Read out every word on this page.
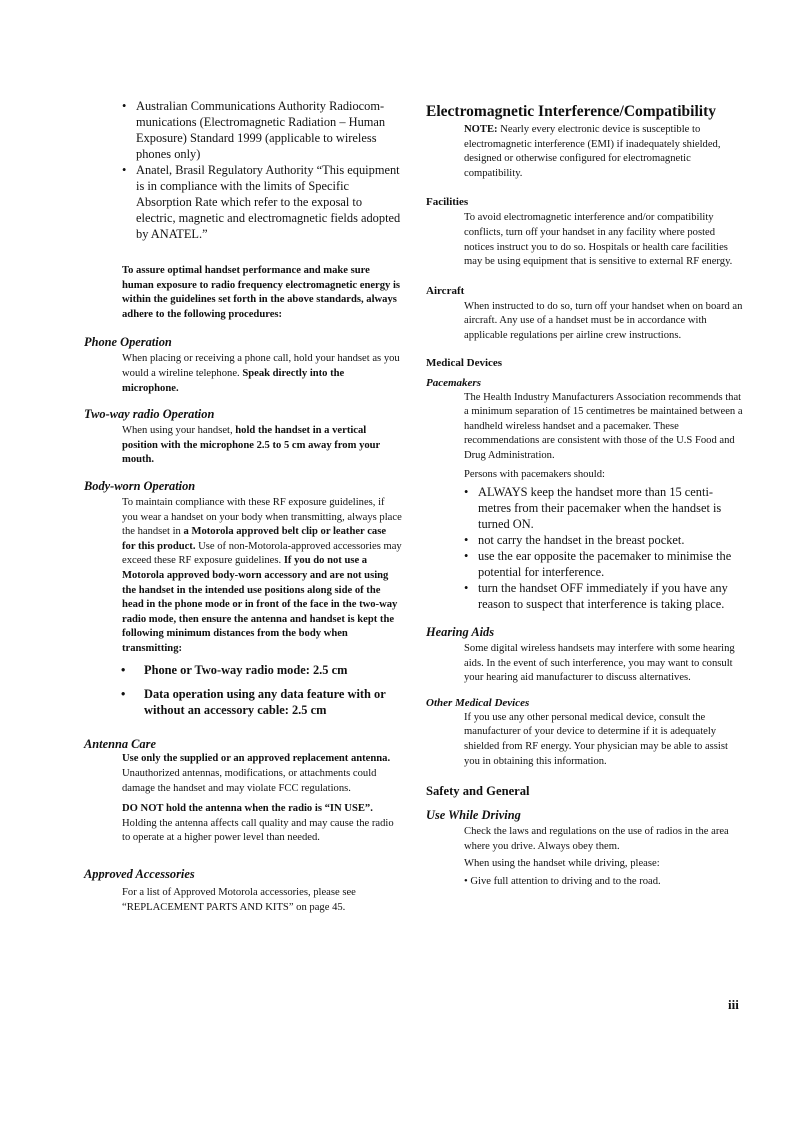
• Australian Communications Authority Radiocom-munications (Electromagnetic Radiation – Human Exposure) Standard 1999 (applicable to wireless phones only)
• Anatel, Brasil Regulatory Authority “This equipment is in compliance with the limits of Specific Absorption Rate which refer to the exposal to electric, magnetic and electromagnetic fields adopted by ANATEL.”

To assure optimal handset performance and make sure human exposure to radio frequency electromagnetic energy is within the guidelines set forth in the above standards, always adhere to the following procedures:

Phone Operation

When placing or receiving a phone call, hold your handset as you would a wireline telephone. Speak directly into the microphone.

Two-way radio Operation

When using your handset, hold the handset in a vertical position with the microphone 2.5 to 5 cm away from your mouth.

Body-worn Operation

To maintain compliance with these RF exposure guidelines, if you wear a handset on your body when transmitting, always place the handset in a Motorola approved belt clip or leather case for this product. Use of non-Motorola-approved accessories may exceed these RF exposure guidelines. If you do not use a Motorola approved body-worn accessory and are not using the handset in the intended use positions along side of the head in the phone mode or in front of the face in the two-way radio mode, then ensure the antenna and handset is kept the following minimum distances from the body when transmitting:

• Phone or Two-way radio mode: 2.5 cm
• Data operation using any data feature with or without an accessory cable: 2.5 cm
Antenna Care

Use only the supplied or an approved replacement antenna. Unauthorized antennas, modifications, or attachments could damage the handset and may violate FCC regulations.

DO NOT hold the antenna when the radio is “IN USE”. Holding the antenna affects call quality and may cause the radio to operate at a higher power level than needed.

Approved Accessories

For a list of Approved Motorola accessories, please see “REPLACEMENT PARTS AND KITS” on page 45.

Electromagnetic Interference/Compatibility

NOTE: Nearly every electronic device is susceptible to electromagnetic interference (EMI) if inadequately shielded, designed or otherwise configured for electromagnetic compatibility.

Facilities

To avoid electromagnetic interference and/or compatibility conflicts, turn off your handset in any facility where posted notices instruct you to do so. Hospitals or health care facilities may be using equipment that is sensitive to external RF energy.

Aircraft

When instructed to do so, turn off your handset when on board an aircraft. Any use of a handset must be in accordance with applicable regulations per airline crew instructions.

Medical Devices
Pacemakers

The Health Industry Manufacturers Association recommends that a minimum separation of 15 centimetres be maintained between a handheld wireless handset and a pacemaker. These recommendations are consistent with those of the U.S Food and Drug Administration.

Persons with pacemakers should:

• ALWAYS keep the handset more than 15 centi-metres from their pacemaker when the handset is turned ON.
• not carry the handset in the breast pocket.
• use the ear opposite the pacemaker to minimise the potential for interference.
• turn the handset OFF immediately if you have any reason to suspect that interference is taking place.
Hearing Aids

Some digital wireless handsets may interfere with some hearing aids. In the event of such interference, you may want to consult your hearing aid manufacturer to discuss alternatives.

Other Medical Devices

If you use any other personal medical device, consult the manufacturer of your device to determine if it is adequately shielded from RF energy. Your physician may be able to assist you in obtaining this information.

Safety and General
Use While Driving

Check the laws and regulations on the use of radios in the area where you drive. Always obey them.

When using the handset while driving, please:

• Give full attention to driving and to the road.

iii
